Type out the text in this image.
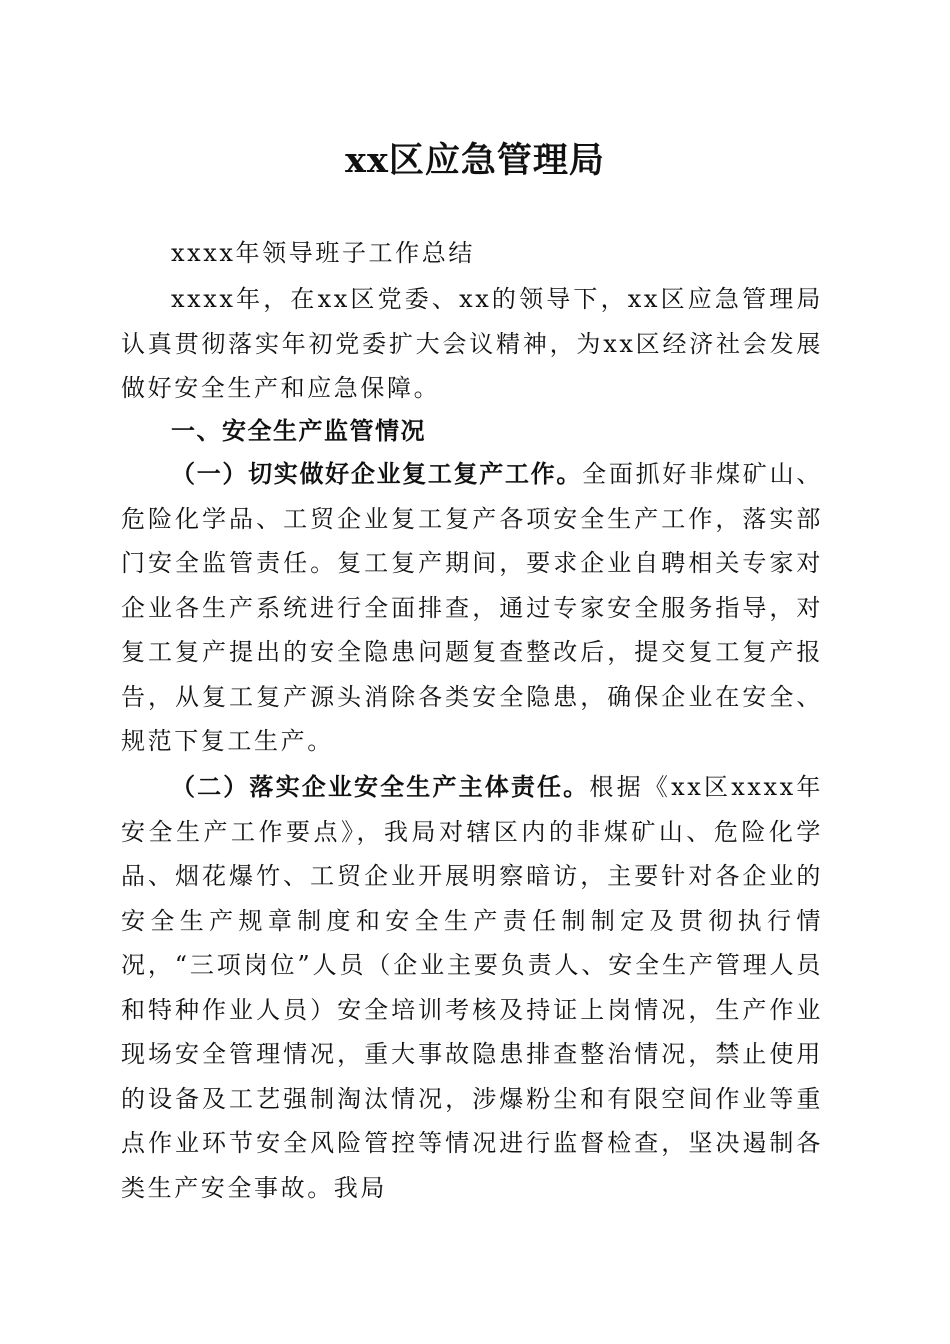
xx区应急管理局

xxxx年领导班子工作总结

xxxx年，在xx区党委、xx的领导下，xx区应急管理局认真贯彻落实年初党委扩大会议精神，为xx区经济社会发展做好安全生产和应急保障。

一、安全生产监管情况

（一）切实做好企业复工复产工作。全面抓好非煤矿山、危险化学品、工贸企业复工复产各项安全生产工作，落实部门安全监管责任。复工复产期间，要求企业自聘相关专家对企业各生产系统进行全面排查，通过专家安全服务指导，对复工复产提出的安全隐患问题复查整改后，提交复工复产报告，从复工复产源头消除各类安全隐患，确保企业在安全、规范下复工生产。

（二）落实企业安全生产主体责任。根据《xx区xxxx年安全生产工作要点》，我局对辖区内的非煤矿山、危险化学品、烟花爆竹、工贸企业开展明察暗访，主要针对各企业的安全生产规章制度和安全生产责任制制定及贯彻执行情况，“三项岗位”人员（企业主要负责人、安全生产管理人员和特种作业人员）安全培训考核及持证上岗情况，生产作业现场安全管理情况，重大事故隐患排查整治情况，禁止使用的设备及工艺强制淘汰情况，涉爆粉尘和有限空间作业等重点作业环节安全风险管控等情况进行监督检查，坚决遏制各类生产安全事故。我局
